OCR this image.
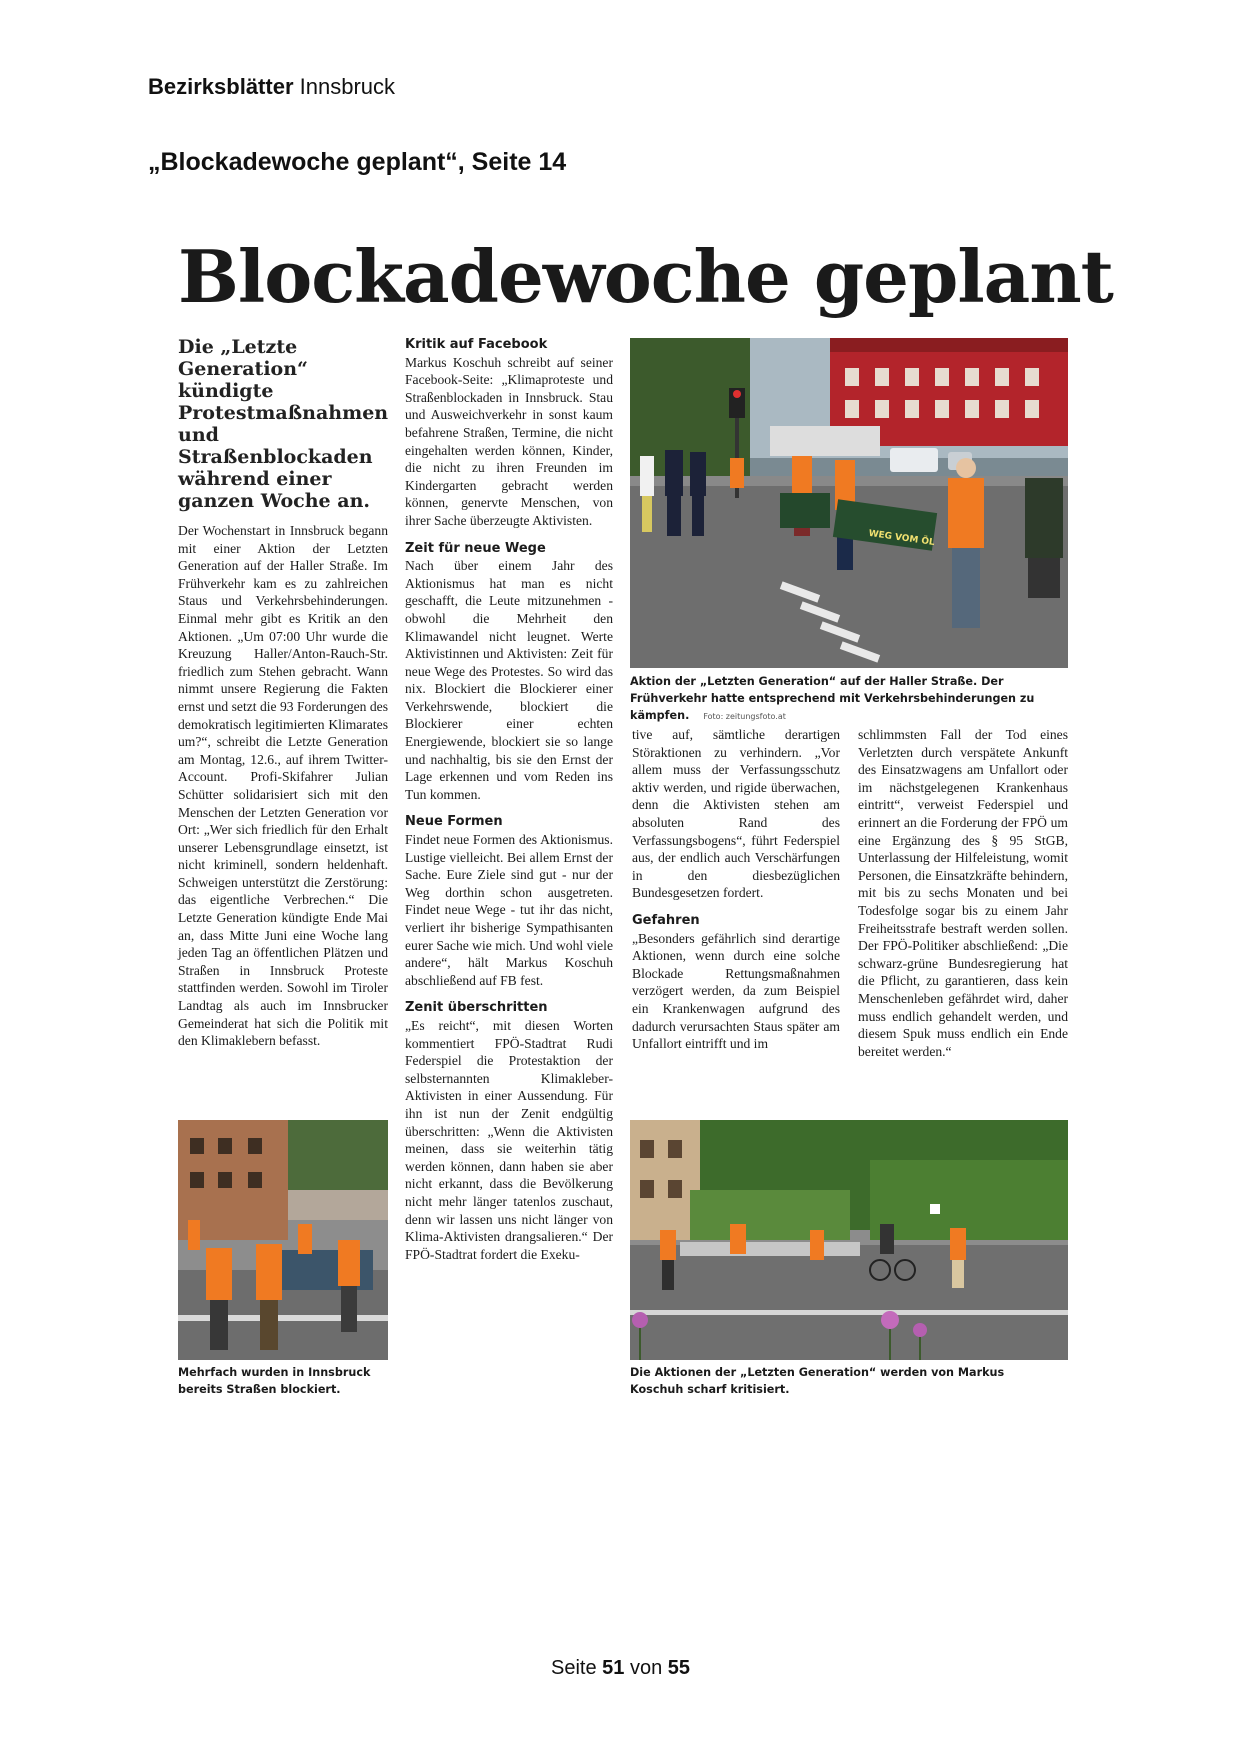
Bezirksblätter Innsbruck
„Blockadewoche geplant“, Seite 14
Blockadewoche geplant
Die „Letzte Generation“ kündigte Protestmaßnahmen und Straßenblockaden während einer ganzen Woche an.
Der Wochenstart in Innsbruck begann mit einer Aktion der Letzten Generation auf der Haller Straße. Im Frühverkehr kam es zu zahlreichen Staus und Verkehrsbehinderungen. Einmal mehr gibt es Kritik an den Aktionen. „Um 07:00 Uhr wurde die Kreuzung Haller/Anton-Rauch-Str. friedlich zum Stehen gebracht. Wann nimmt unsere Regierung die Fakten ernst und setzt die 93 Forderungen des demokratisch legitimierten Klimarates um?“, schreibt die Letzte Generation am Montag, 12.6., auf ihrem Twitter-Account. Profi-Skifahrer Julian Schütter solidarisiert sich mit den Menschen der Letzten Generation vor Ort: „Wer sich friedlich für den Erhalt unserer Lebensgrundlage einsetzt, ist nicht kriminell, sondern heldenhaft. Schweigen unterstützt die Zerstörung: das eigentliche Verbrechen.“ Die Letzte Generation kündigte Ende Mai an, dass Mitte Juni eine Woche lang jeden Tag an öffentlichen Plätzen und Straßen in Innsbruck Proteste stattfinden werden. Sowohl im Tiroler Landtag als auch im Innsbrucker Gemeinderat hat sich die Politik mit den Klimaklebern befasst.
Kritik auf Facebook
Markus Koschuh schreibt auf seiner Facebook-Seite: „Klimaproteste und Straßenblockaden in Innsbruck. Stau und Ausweichverkehr in sonst kaum befahrene Straßen, Termine, die nicht eingehalten werden können, Kinder, die nicht zu ihren Freunden im Kindergarten gebracht werden können, genervte Menschen, von ihrer Sache überzeugte Aktivisten.
Zeit für neue Wege
Nach über einem Jahr des Aktionismus hat man es nicht geschafft, die Leute mitzunehmen - obwohl die Mehrheit den Klimawandel nicht leugnet. Werte Aktivistinnen und Aktivisten: Zeit für neue Wege des Protestes. So wird das nix. Blockiert die Blockierer einer Verkehrswende, blockiert die Blockierer einer echten Energiewende, blockiert sie so lange und nachhaltig, bis sie den Ernst der Lage erkennen und vom Reden ins Tun kommen.
Neue Formen
Findet neue Formen des Aktionismus. Lustige vielleicht. Bei allem Ernst der Sache. Eure Ziele sind gut - nur der Weg dorthin schon ausgetreten. Findet neue Wege - tut ihr das nicht, verliert ihr bisherige Sympathisanten eurer Sache wie mich. Und wohl viele andere“, hält Markus Koschuh abschließend auf FB fest.
Zenit überschritten
„Es reicht“, mit diesen Worten kommentiert FPÖ-Stadtrat Rudi Federspiel die Protestaktion der selbsternannten Klimakleber-Aktivisten in einer Aussendung. Für ihn ist nun der Zenit endgültig überschritten: „Wenn die Aktivisten meinen, dass sie weiterhin tätig werden können, dann haben sie aber nicht erkannt, dass die Bevölkerung nicht mehr länger tatenlos zuschaut, denn wir lassen uns nicht länger von Klima-Aktivisten drangsalieren.“ Der FPÖ-Stadtrat fordert die Exeku-
WEG VOM ÖL
Aktion der „Letzten Generation“ auf der Haller Straße. Der Frühverkehr hatte entsprechend mit Verkehrsbehinderungen zu kämpfen. Foto: zeitungsfoto.at
tive auf, sämtliche derartigen Störaktionen zu verhindern. „Vor allem muss der Verfassungsschutz aktiv werden, und rigide überwachen, denn die Aktivisten stehen am absoluten Rand des Verfassungsbogens“, führt Federspiel aus, der endlich auch Verschärfungen in den diesbezüglichen Bundesgesetzen fordert.
Gefahren
„Besonders gefährlich sind derartige Aktionen, wenn durch eine solche Blockade Rettungsmaßnahmen verzögert werden, da zum Beispiel ein Krankenwagen aufgrund des dadurch verursachten Staus später am Unfallort eintrifft und im
schlimmsten Fall der Tod eines Verletzten durch verspätete Ankunft des Einsatzwagens am Unfallort oder im nächstgelegenen Krankenhaus eintritt“, verweist Federspiel und erinnert an die Forderung der FPÖ um eine Ergänzung des § 95 StGB, Unterlassung der Hilfeleistung, womit Personen, die Einsatzkräfte behindern, mit bis zu sechs Monaten und bei Todesfolge sogar bis zu einem Jahr Freiheitsstrafe bestraft werden sollen. Der FPÖ-Politiker abschließend: „Die schwarz-grüne Bundesregierung hat die Pflicht, zu garantieren, dass kein Menschenleben gefährdet wird, daher muss endlich gehandelt werden, und diesem Spuk muss endlich ein Ende bereitet werden.“
Mehrfach wurden in Innsbruck bereits Straßen blockiert.
Die Aktionen der „Letzten Generation“ werden von Markus Koschuh scharf kritisiert.
Seite 51 von 55
